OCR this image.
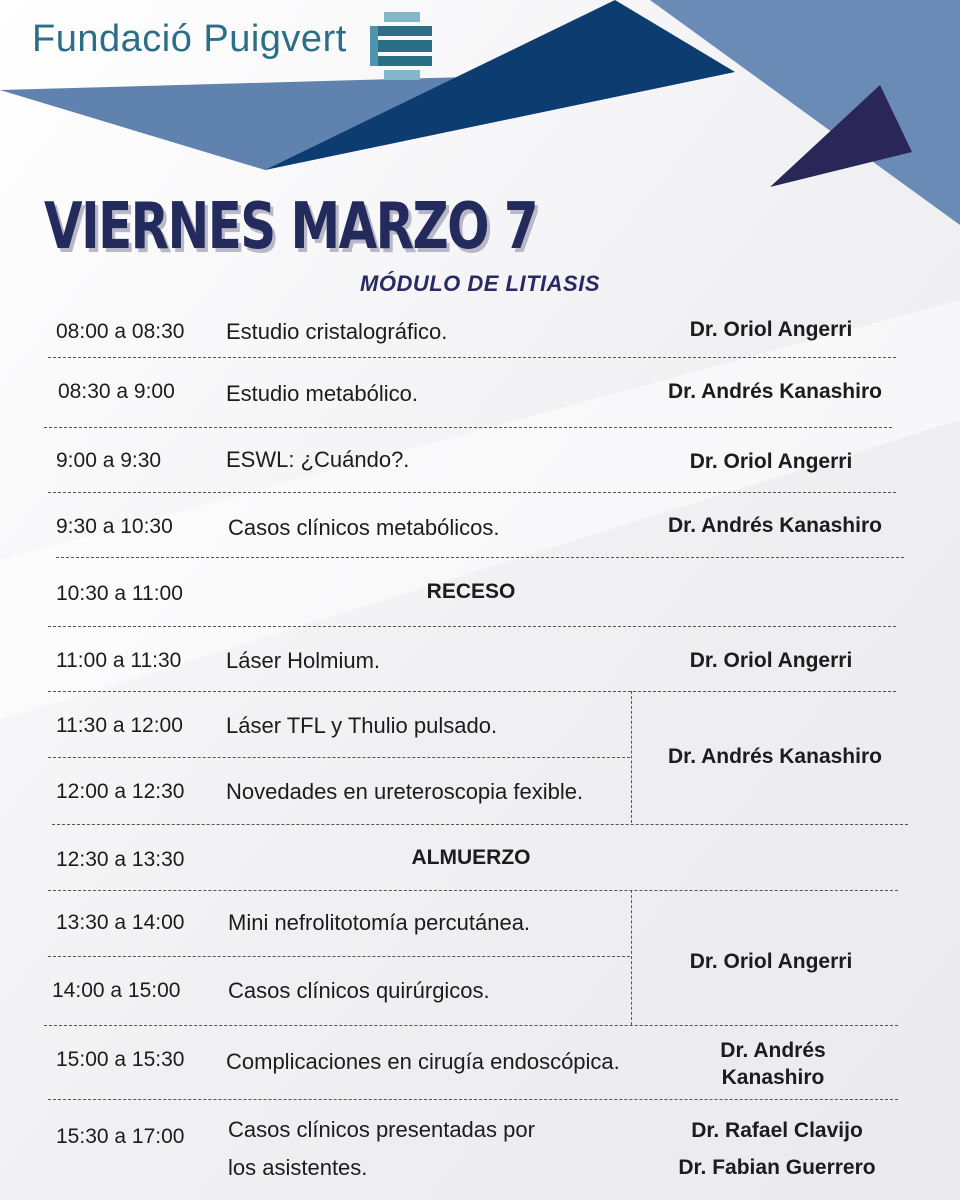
Fundació Puigvert
VIERNES MARZO 7
MÓDULO DE LITIASIS
08:00 a 08:30 Estudio cristalográfico.	Dr. Oriol Angerri
08:30 a 9:00 Estudio metabólico.	Dr. Andrés Kanashiro
9:00 a 9:30	ESWL: ¿Cuándo?.	Dr. Oriol Angerri
9:30 a 10:30	Casos clínicos metabólicos.	Dr. Andrés Kanashiro
10:30 a 11:00	RECESO
11:00 a 11:30 Láser Holmium.	Dr. Oriol Angerri
11:30 a 12:00 Láser TFL y Thulio pulsado.
12:00 a 12:30 Novedades en ureteroscopia fexible.
Dr. Andrés Kanashiro
12:30 a 13:30	ALMUERZO
13:30 a 14:00 Mini nefrolitotomía percutánea.
14:00 a 15:00 Casos clínicos quirúrgicos.
Dr. Oriol Angerri
15:00 a 15:30 Complicaciones en cirugía endoscópica.	Dr. Andrés
Kanashiro
15:30 a 17:00 Casos clínicos presentadas por
los asistentes.
Dr. Rafael Clavijo
Dr. Fabian Guerrero
